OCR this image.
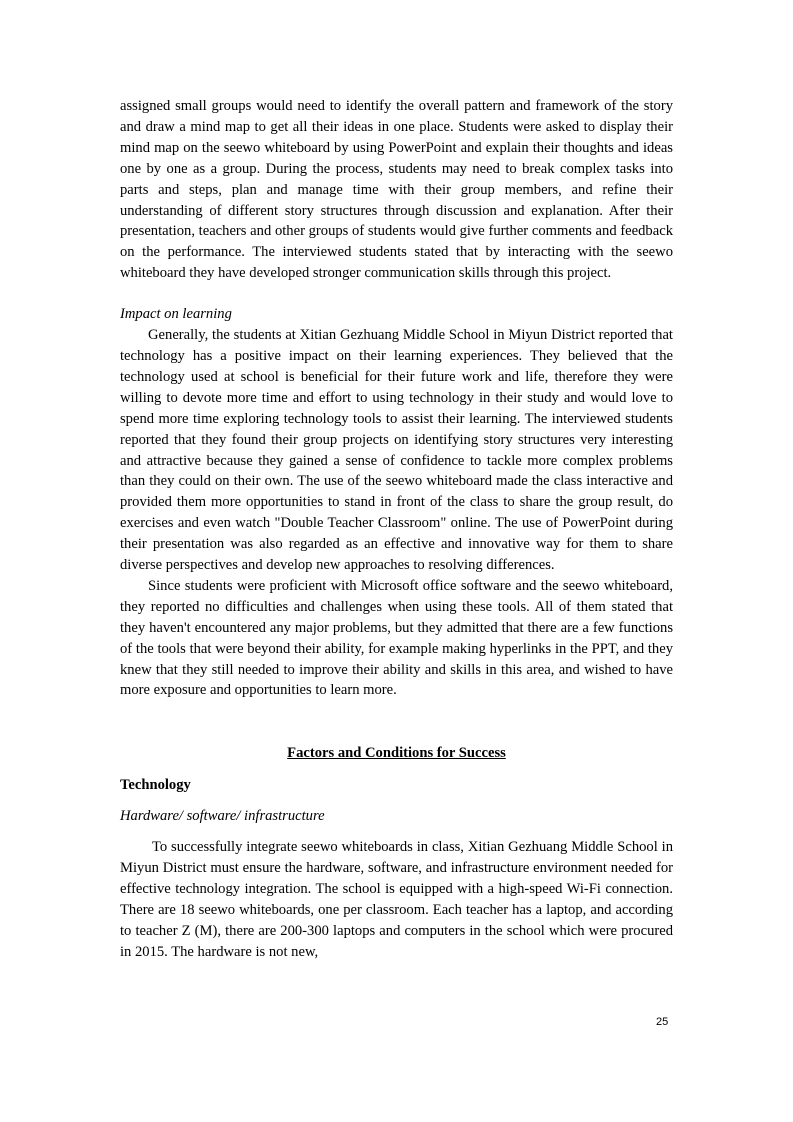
assigned small groups would need to identify the overall pattern and framework of the story and draw a mind map to get all their ideas in one place. Students were asked to display their mind map on the seewo whiteboard by using PowerPoint and explain their thoughts and ideas one by one as a group. During the process, students may need to break complex tasks into parts and steps, plan and manage time with their group members, and refine their understanding of different story structures through discussion and explanation. After their presentation, teachers and other groups of students would give further comments and feedback on the performance. The interviewed students stated that by interacting with the seewo whiteboard they have developed stronger communication skills through this project.

Impact on learning

Generally, the students at Xitian Gezhuang Middle School in Miyun District reported that technology has a positive impact on their learning experiences. They believed that the technology used at school is beneficial for their future work and life, therefore they were willing to devote more time and effort to using technology in their study and would love to spend more time exploring technology tools to assist their learning. The interviewed students reported that they found their group projects on identifying story structures very interesting and attractive because they gained a sense of confidence to tackle more complex problems than they could on their own. The use of the seewo whiteboard made the class interactive and provided them more opportunities to stand in front of the class to share the group result, do exercises and even watch "Double Teacher Classroom" online. The use of PowerPoint during their presentation was also regarded as an effective and innovative way for them to share diverse perspectives and develop new approaches to resolving differences.

Since students were proficient with Microsoft office software and the seewo whiteboard, they reported no difficulties and challenges when using these tools. All of them stated that they haven't encountered any major problems, but they admitted that there are a few functions of the tools that were beyond their ability, for example making hyperlinks in the PPT, and they knew that they still needed to improve their ability and skills in this area, and wished to have more exposure and opportunities to learn more.

Factors and Conditions for Success

Technology

Hardware/ software/ infrastructure

To successfully integrate seewo whiteboards in class, Xitian Gezhuang Middle School in Miyun District must ensure the hardware, software, and infrastructure environment needed for effective technology integration. The school is equipped with a high-speed Wi-Fi connection. There are 18 seewo whiteboards, one per classroom. Each teacher has a laptop, and according to teacher Z (M), there are 200-300 laptops and computers in the school which were procured in 2015. The hardware is not new,

25
